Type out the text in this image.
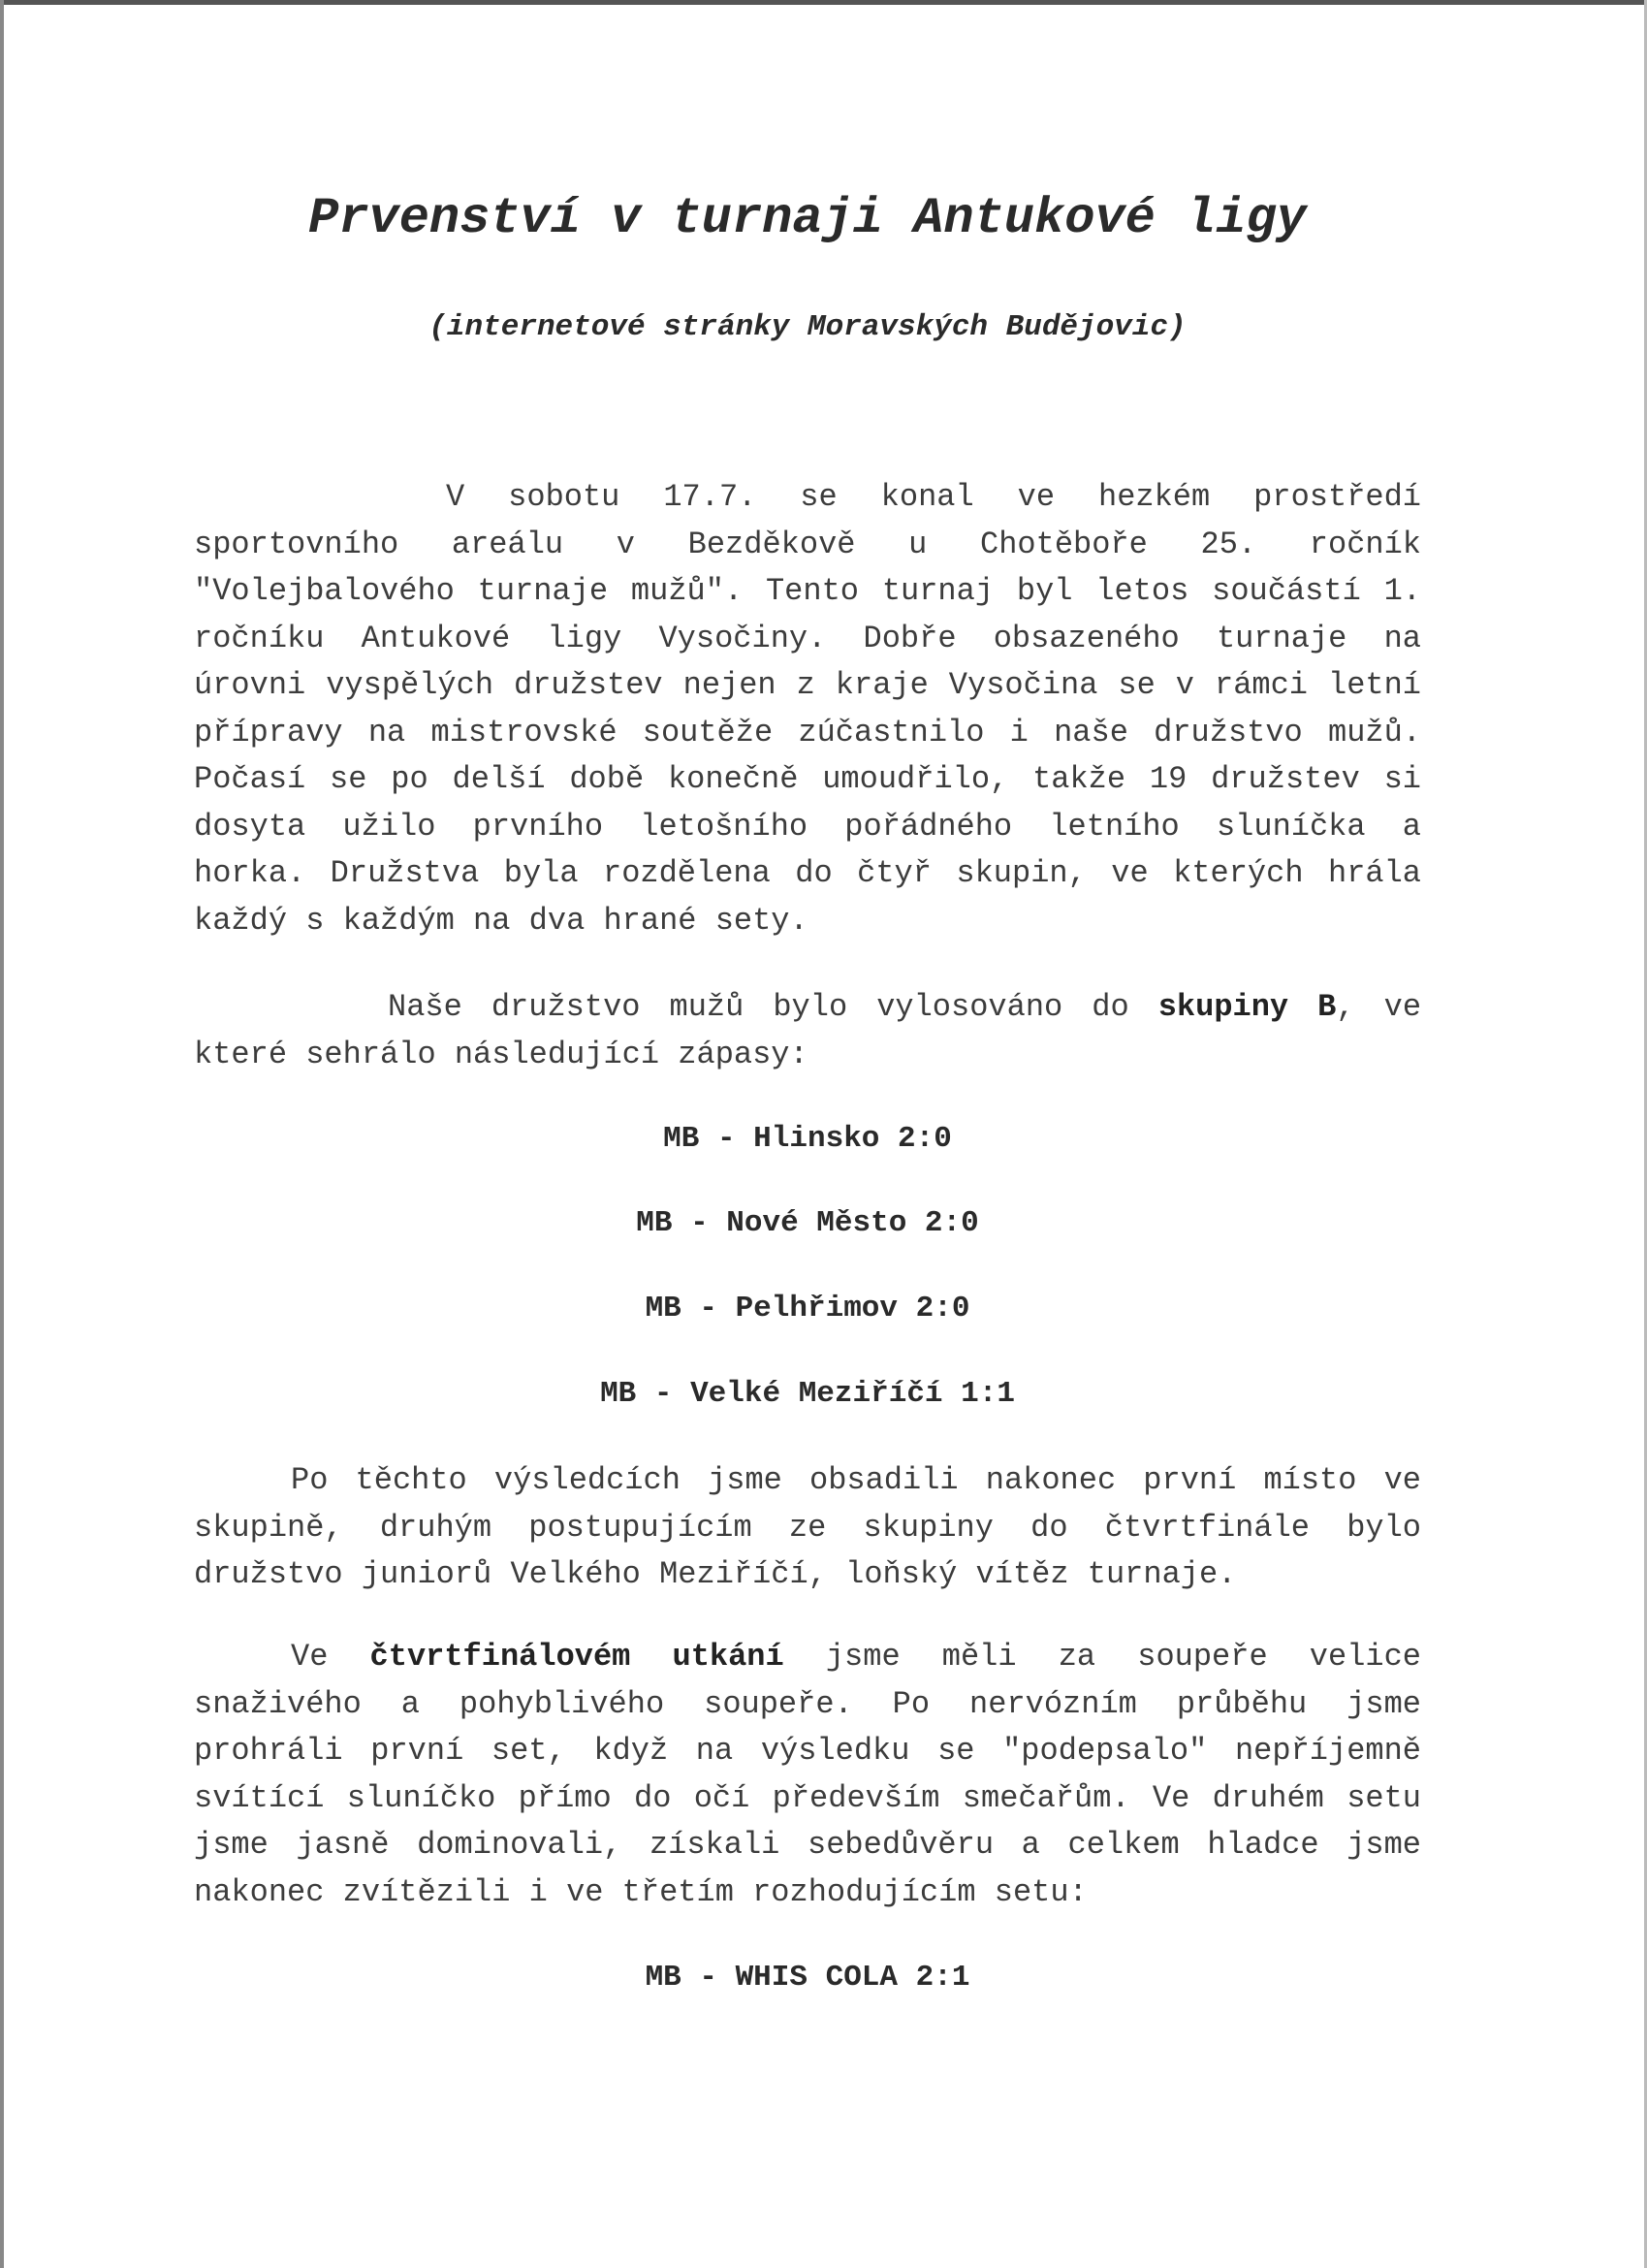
Prvenství v turnaji Antukové ligy

(internetové stránky Moravských Budějovic)

V sobotu 17.7. se konal ve hezkém prostředí sportovního areálu v Bezděkově u Chotěboře 25. ročník "Volejbalového turnaje mužů". Tento turnaj byl letos součástí 1. ročníku Antukové ligy Vysočiny. Dobře obsazeného turnaje na úrovni vyspělých družstev nejen z kraje Vysočina se v rámci letní přípravy na mistrovské soutěže zúčastnilo i naše družstvo mužů. Počasí se po delší době konečně umoudřilo, takže 19 družstev si dosyta užilo prvního letošního pořádného letního sluníčka a horka. Družstva byla rozdělena do čtyř skupin, ve kterých hrála každý s každým na dva hrané sety.

Naše družstvo mužů bylo vylosováno do skupiny B, ve které sehrálo následující zápasy:

MB - Hlinsko 2:0

MB - Nové Město 2:0

MB - Pelhřimov 2:0

MB - Velké Meziříčí 1:1

Po těchto výsledcích jsme obsadili nakonec první místo ve skupině, druhým postupujícím ze skupiny do čtvrtfinále bylo družstvo juniorů Velkého Meziříčí, loňský vítěz turnaje.

Ve čtvrtfinálovém utkání jsme měli za soupeře velice snaživého a pohyblivého soupeře. Po nervózním průběhu jsme prohráli první set, když na výsledku se "podepsalo" nepříjemně svítící sluníčko přímo do očí především smečařům. Ve druhém setu jsme jasně dominovali, získali sebedůvěru a celkem hladce jsme nakonec zvítězili i ve třetím rozhodujícím setu:

MB - WHIS COLA 2:1
